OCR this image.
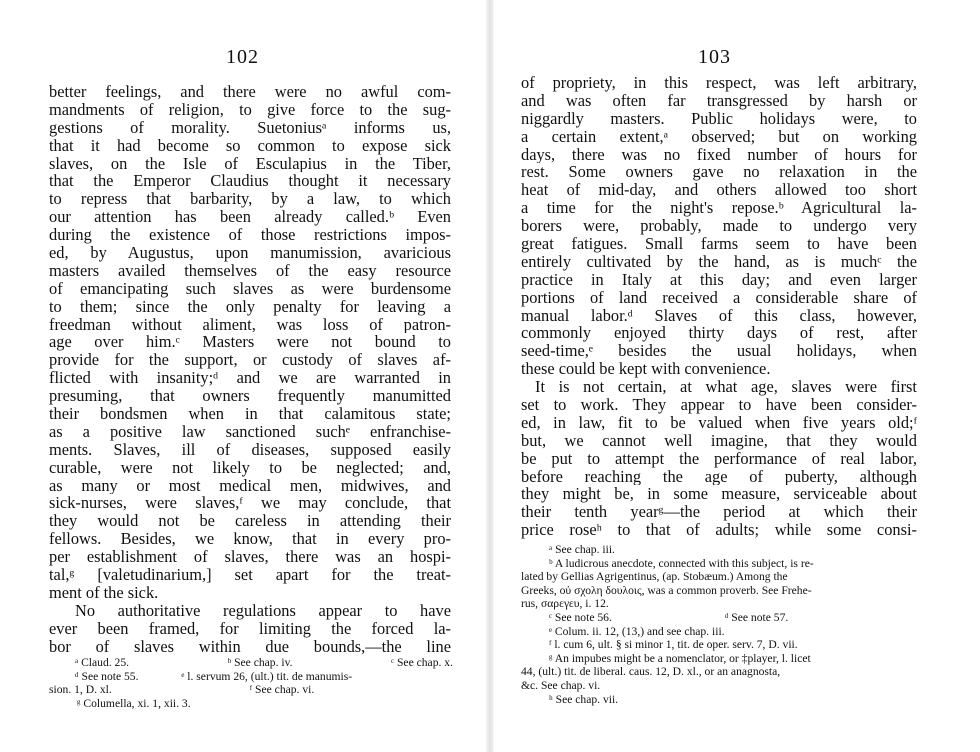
102
better feelings, and there were no awful com-
mandments of religion, to give force to the sug-
gestions of morality. Suetoniusᵃ informs us,
that it had become so common to expose sick
slaves, on the Isle of Esculapius in the Tiber,
that the Emperor Claudius thought it necessary
to repress that barbarity, by a law, to which
our attention has been already called.ᵇ Even
during the existence of those restrictions impos-
ed, by Augustus, upon manumission, avaricious
masters availed themselves of the easy resource
of emancipating such slaves as were burdensome
to them; since the only penalty for leaving a
freedman without aliment, was loss of patron-
age over him.ᶜ Masters were not bound to
provide for the support, or custody of slaves af-
flicted with insanity;ᵈ and we are warranted in
presuming, that owners frequently manumitted
their bondsmen when in that calamitous state;
as a positive law sanctioned suchᵉ enfranchise-
ments. Slaves, ill of diseases, supposed easily
curable, were not likely to be neglected; and,
as many or most medical men, midwives, and
sick-nurses, were slaves,ᶠ we may conclude, that
they would not be careless in attending their
fellows. Besides, we know, that in every pro-
per establishment of slaves, there was an hospi-
tal,ᵍ [valetudinarium,] set apart for the treat-
ment of the sick.
No authoritative regulations appear to have
ever been framed, for limiting the forced la-
bor of slaves within due bounds,—the line
ᵃ Claud. 25.	ᵇ See chap. iv.	ᶜ See chap. x.
ᵈ See note 55.	ᵉ l. servum 26, (ult.) tit. de manumis-
sion. 1, D. xl.	ᶠ See chap. vi.
ᵍ Columella, xi. 1, xii. 3.
103
of propriety, in this respect, was left arbitrary,
and was often far transgressed by harsh or
niggardly masters. Public holidays were, to
a certain extent,ᵃ observed; but on working
days, there was no fixed number of hours for
rest. Some owners gave no relaxation in the
heat of mid-day, and others allowed too short
a time for the night's repose.ᵇ Agricultural la-
borers were, probably, made to undergo very
great fatigues. Small farms seem to have been
entirely cultivated by the hand, as is muchᶜ the
practice in Italy at this day; and even larger
portions of land received a considerable share of
manual labor.ᵈ Slaves of this class, however,
commonly enjoyed thirty days of rest, after
seed-time,ᵉ besides the usual holidays, when
these could be kept with convenience.
It is not certain, at what age, slaves were first
set to work. They appear to have been consider-
ed, in law, fit to be valued when five years old;ᶠ
but, we cannot well imagine, that they would
be put to attempt the performance of real labor,
before reaching the age of puberty, although
they might be, in some measure, serviceable about
their tenth yearᵍ—the period at which their
price roseʰ to that of adults; while some consi-
ᵃ See chap. iii.
ᵇ A ludicrous anecdote, connected with this subject, is re-
lated by Gellias Agrigentinus, (ap. Stobæum.) Among the
Greeks, οὐ σχολη δουλοις, was a common proverb. See Frehe-
rus, σαρεγευ, i. 12.
ᶜ See note 56.	ᵈ See note 57.
ᵉ Colum. ii. 12, (13,) and see chap. iii.
ᶠ l. cum 6, ult. § si minor 1, tit. de oper. serv. 7, D. vii.
ᵍ An impubes might be a nomenclator, or ‡player, l. licet
44, (ult.) tit. de liberal. caus. 12, D. xl., or an anagnosta,
&c. See chap. vi.
ʰ See chap. vii.
